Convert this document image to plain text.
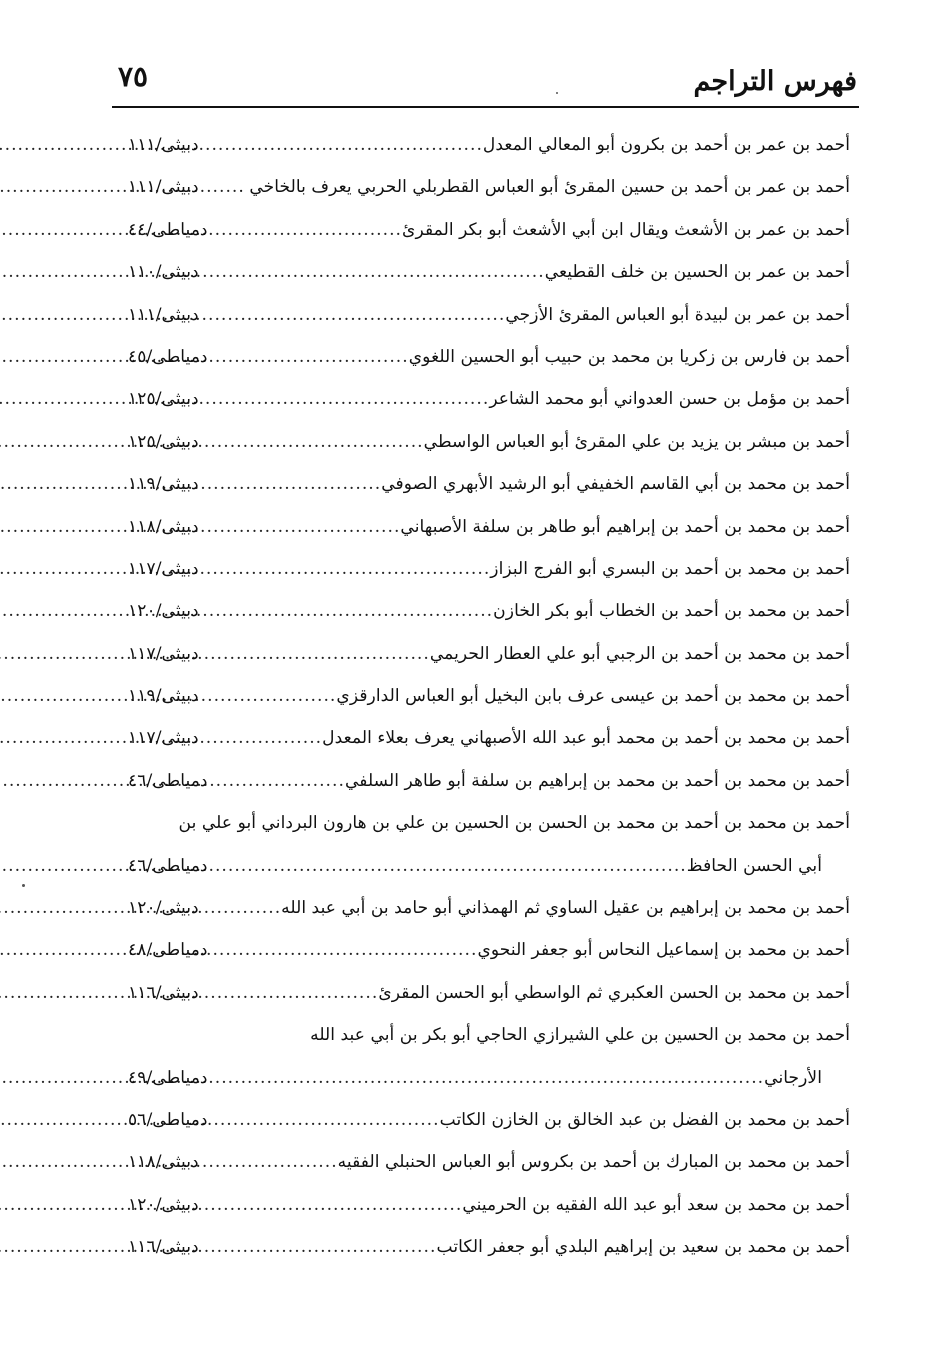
فهرس التراجم
٧٥
أحمد بن عمر بن أحمد بن بكرون أبو المعالي المعدل
.....
دبيثى/١١١
أحمد بن عمر بن أحمد بن حسين المقرئ أبو العباس القطربلي الحربي يعرف بالخاخي .
.....
دبيثى/١١١
أحمد بن عمر بن الأشعث ويقال ابن أبي الأشعث أبو بكر المقرئ
.....
دمياطى/٤٤
أحمد بن عمر بن الحسين بن خلف القطيعي
.....
دبيثى/١١٠
أحمد بن عمر بن لبيدة أبو العباس المقرئ الأزجي
.....
دبيثى/١١١
أحمد بن فارس بن زكريا بن محمد بن حبيب أبو الحسين اللغوي
.....
دمياطى/٤٥
أحمد بن مؤمل بن حسن العدواني أبو محمد الشاعر
.....
دبيثى/١٢٥
أحمد بن مبشر بن يزيد بن علي المقرئ أبو العباس الواسطي
.....
دبيثى/١٢٥
أحمد بن محمد بن أبي القاسم الخفيفي أبو الرشيد الأبهري الصوفي
.....
دبيثى/١١٩
أحمد بن محمد بن أحمد بن إبراهيم أبو طاهر بن سلفة الأصبهاني
.....
دبيثى/١١٨
أحمد بن محمد بن أحمد بن البسري أبو الفرج البزاز
.....
دبيثى/١١٧
أحمد بن محمد بن أحمد بن الخطاب أبو بكر الخازن
.....
دبيثى/١٢٠
أحمد بن محمد بن أحمد بن الرجبي أبو علي العطار الحريمي
.....
دبيثى/١١٧
أحمد بن محمد بن أحمد بن عيسى عرف بابن البخيل أبو العباس الدارقزي
.....
دبيثى/١١٩
أحمد بن محمد بن أحمد بن محمد أبو عبد الله الأصبهاني يعرف بعلاء المعدل
.....
دبيثى/١١٧
أحمد بن محمد بن أحمد بن محمد بن إبراهيم بن سلفة أبو طاهر السلفي
.....
دمياطى/٤٦
أحمد بن محمد بن أحمد بن محمد بن الحسن بن الحسين بن علي بن هارون البرداني أبو علي بن
أبي الحسن الحافظ
.....
دمياطى/٤٦
أحمد بن محمد بن إبراهيم بن عقيل الساوي ثم الهمذاني أبو حامد بن أبي عبد الله
.....
دبيثى/١٢٠
أحمد بن محمد بن إسماعيل النحاس أبو جعفر النحوي
.....
دمياطى/٤٨
أحمد بن محمد بن الحسن العكبري ثم الواسطي أبو الحسن المقرئ
.....
دبيثى/١١٦
أحمد بن محمد بن الحسين بن علي الشيرازي الحاجي أبو بكر بن أبي عبد الله
الأرجاني
.....
دمياطى/٤٩
أحمد بن محمد بن الفضل بن عبد الخالق بن الخازن الكاتب
.....
دمياطى/٥٦
أحمد بن محمد بن المبارك بن أحمد بن بكروس أبو العباس الحنبلي الفقيه
.....
دبيثى/١١٨
أحمد بن محمد بن سعد أبو عبد الله الفقيه بن الحرميني
.....
دبيثى/١٢٠
أحمد بن محمد بن سعيد بن إبراهيم البلدي أبو جعفر الكاتب
.....
دبيثى/١١٦
